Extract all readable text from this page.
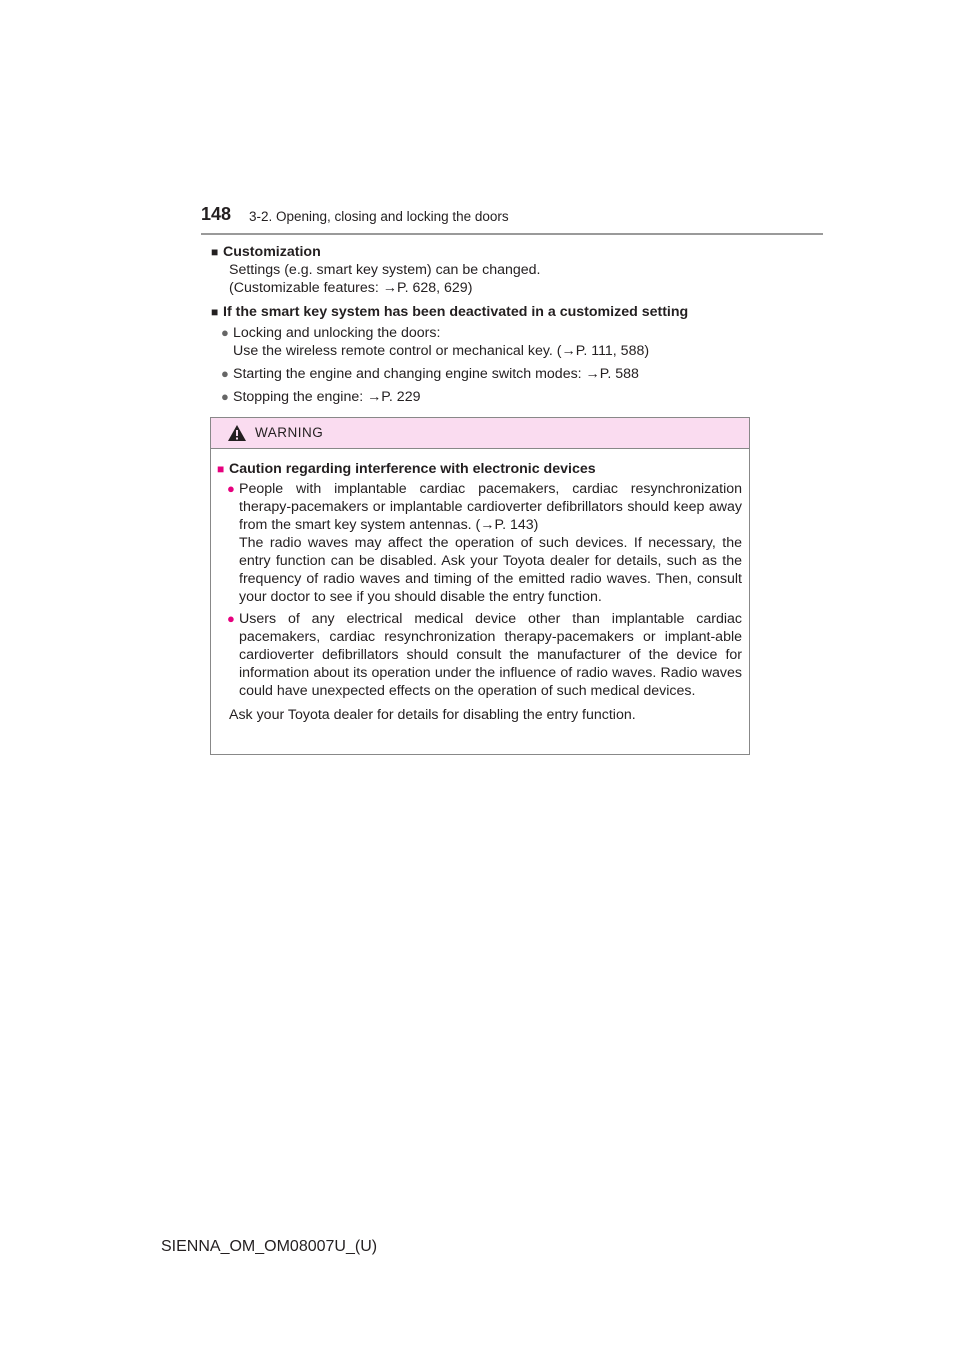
148 3-2. Opening, closing and locking the doors

■ Customization

Settings (e.g. smart key system) can be changed.

(Customizable features: →P. 628, 629)

■ If the smart key system has been deactivated in a customized setting

● Locking and unlocking the doors:
Use the wireless remote control or mechanical key. (→P. 111, 588)
● Starting the engine and changing engine switch modes: →P. 588
● Stopping the engine: →P. 229
WARNING

■ Caution regarding interference with electronic devices

● People with implantable cardiac pacemakers, cardiac resynchronization therapy-pacemakers or implantable cardioverter defibrillators should keep away from the smart key system antennas. (→P. 143)
The radio waves may affect the operation of such devices. If necessary, the entry function can be disabled. Ask your Toyota dealer for details, such as the frequency of radio waves and timing of the emitted radio waves. Then, consult your doctor to see if you should disable the entry function.
● Users of any electrical medical device other than implantable cardiac pacemakers, cardiac resynchronization therapy-pacemakers or implant-able cardioverter defibrillators should consult the manufacturer of the device for information about its operation under the influence of radio waves. Radio waves could have unexpected effects on the operation of such medical devices.

Ask your Toyota dealer for details for disabling the entry function.

SIENNA_OM_OM08007U_(U)
